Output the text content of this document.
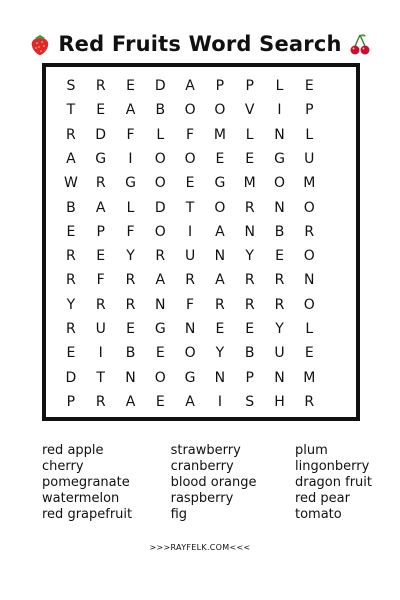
Red Fruits Word Search
S	R	E	D	A	P	P	L	E
T	E	A	B	O	O	V	I	P
R	D	F	L	F	M	L	N	L
A	G	I	O	O	E	E	G	U
W	R	G	O	E	G	M	O	M
B	A	L	D	T	O	R	N	O
E	P	F	O	I	A	N	B	R
R	E	Y	R	U	N	Y	E	O
R	F	R	A	R	A	R	R	N
Y	R	R	N	F	R	R	R	O
R	U	E	G	N	E	E	Y	L
E	I	B	E	O	Y	B	U	E
D	T	N	O	G	N	P	N	M
P	R	A	E	A	I	S	H	R
red apple
cherry
pomegranate
watermelon
red grapefruit
strawberry
cranberry
blood orange
raspberry
fig
plum
lingonberry
dragon fruit
red pear
tomato
>>>RAYFELK.COM<<<
